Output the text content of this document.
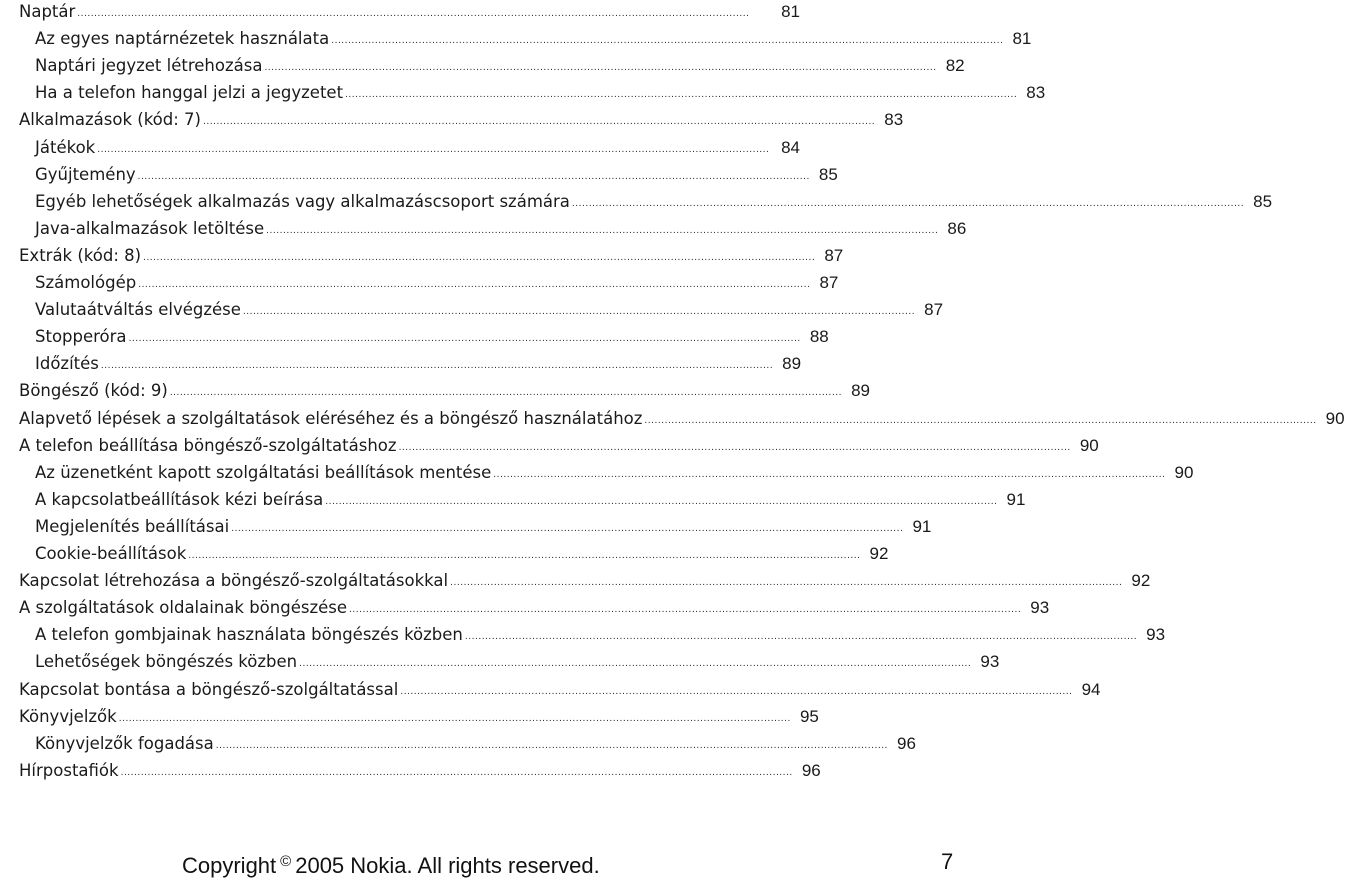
Naptár ........................................................................................................................................................................................................	81
Az egyes naptárnézetek használata ........................................................................................................................................................................................................ 81
Naptári jegyzet létrehozása ........................................................................................................................................................................................................ 82
Ha a telefon hanggal jelzi a jegyzetet ........................................................................................................................................................................................................ 83
Alkalmazások (kód: 7) ........................................................................................................................................................................................................ 83
Játékok ........................................................................................................................................................................................................ 84
Gyűjtemény ........................................................................................................................................................................................................ 85
Egyéb lehetőségek alkalmazás vagy alkalmazáscsoport számára ........................................................................................................................................................................................................ 85
Java-alkalmazások letöltése ........................................................................................................................................................................................................ 86
Extrák (kód: 8) ........................................................................................................................................................................................................ 87
Számológép ........................................................................................................................................................................................................ 87
Valutaátváltás elvégzése ........................................................................................................................................................................................................ 87
Stopperóra ........................................................................................................................................................................................................ 88
Időzítés ........................................................................................................................................................................................................ 89
Böngésző (kód: 9) ........................................................................................................................................................................................................ 89
Alapvető lépések a szolgáltatások eléréséhez és a böngésző használatához ........................................................................................................................................................................................................ 90
A telefon beállítása böngésző-szolgáltatáshoz ........................................................................................................................................................................................................ 90
Az üzenetként kapott szolgáltatási beállítások mentése ........................................................................................................................................................................................................ 90
A kapcsolatbeállítások kézi beírása ........................................................................................................................................................................................................ 91
Megjelenítés beállításai ........................................................................................................................................................................................................ 91
Cookie-beállítások ........................................................................................................................................................................................................ 92
Kapcsolat létrehozása a böngésző-szolgáltatásokkal ........................................................................................................................................................................................................ 92
A szolgáltatások oldalainak böngészése ........................................................................................................................................................................................................ 93
A telefon gombjainak használata böngészés közben ........................................................................................................................................................................................................ 93
Lehetőségek böngészés közben ........................................................................................................................................................................................................ 93
Kapcsolat bontása a böngésző-szolgáltatással ........................................................................................................................................................................................................ 94
Könyvjelzők ........................................................................................................................................................................................................ 95
Könyvjelzők fogadása ........................................................................................................................................................................................................ 96
Hírpostafiók ........................................................................................................................................................................................................ 96
Copyright © 2005 Nokia. All rights reserved.	7
